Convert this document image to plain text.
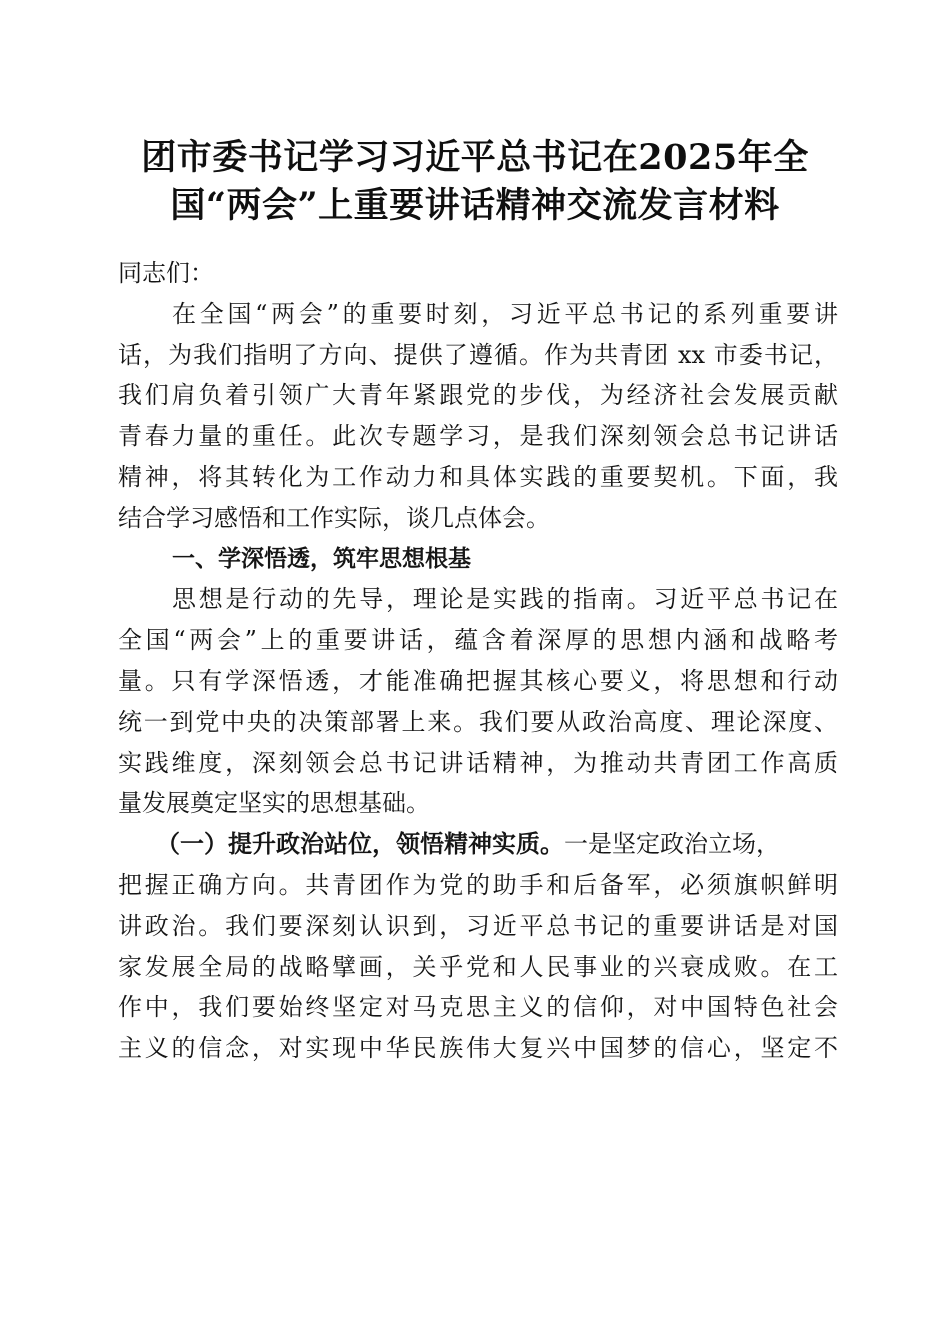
团市委书记学习习近平总书记在2025年全
国“两会”上重要讲话精神交流发言材料
同志们：
在全国“两会”的重要时刻，习近平总书记的系列重要讲
话，为我们指明了方向、提供了遵循。作为共青团 xx 市委书记，
我们肩负着引领广大青年紧跟党的步伐，为经济社会发展贡献
青春力量的重任。此次专题学习，是我们深刻领会总书记讲话
精神，将其转化为工作动力和具体实践的重要契机。下面，我
结合学习感悟和工作实际，谈几点体会。
一、学深悟透，筑牢思想根基
思想是行动的先导，理论是实践的指南。习近平总书记在
全国“两会”上的重要讲话，蕴含着深厚的思想内涵和战略考
量。只有学深悟透，才能准确把握其核心要义，将思想和行动
统一到党中央的决策部署上来。我们要从政治高度、理论深度、
实践维度，深刻领会总书记讲话精神，为推动共青团工作高质
量发展奠定坚实的思想基础。
（一）提升政治站位，领悟精神实质。一是坚定政治立场，
把握正确方向。共青团作为党的助手和后备军，必须旗帜鲜明
讲政治。我们要深刻认识到，习近平总书记的重要讲话是对国
家发展全局的战略擘画，关乎党和人民事业的兴衰成败。在工
作中，我们要始终坚定对马克思主义的信仰，对中国特色社会
主义的信念，对实现中华民族伟大复兴中国梦的信心，坚定不
